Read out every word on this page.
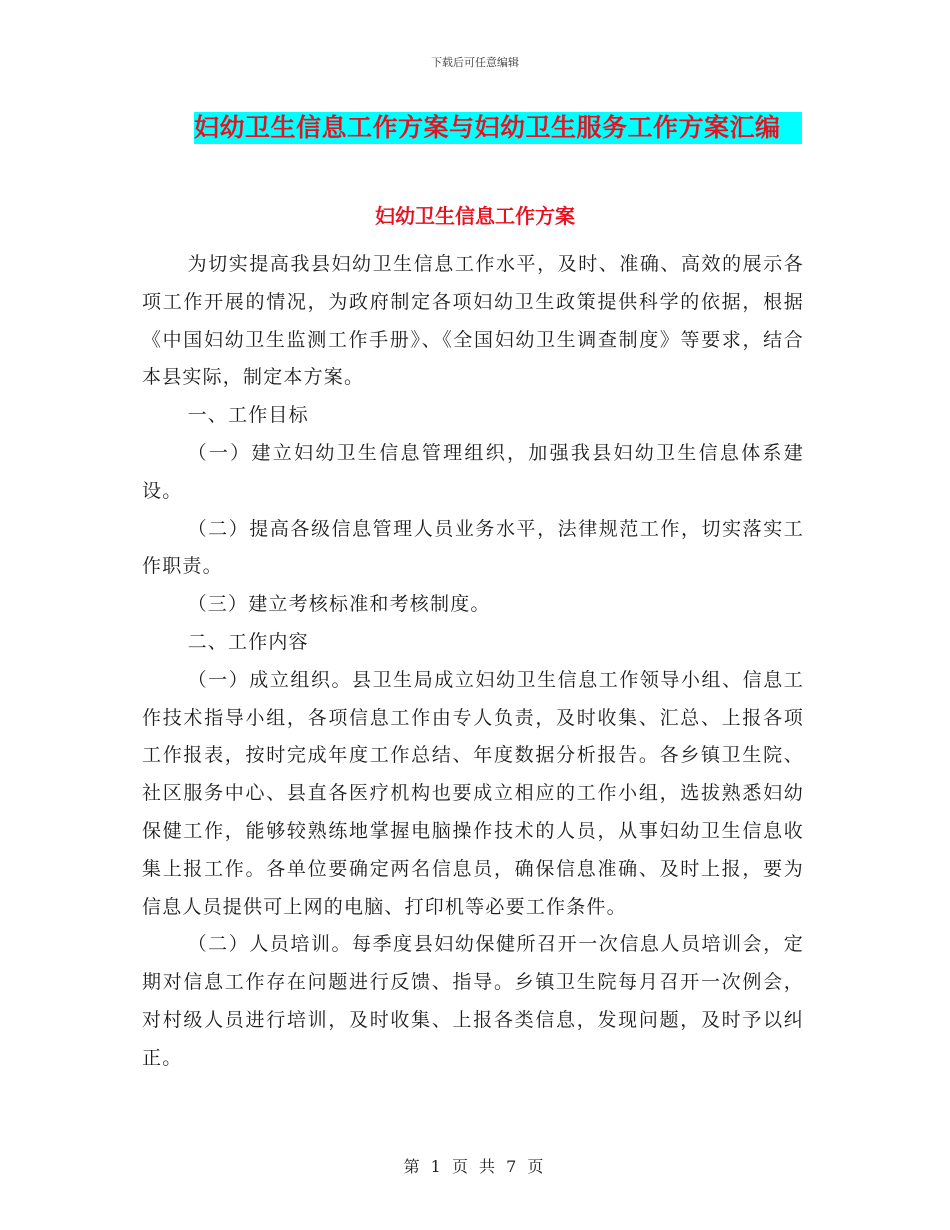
下载后可任意编辑
妇幼卫生信息工作方案与妇幼卫生服务工作方案汇编
妇幼卫生信息工作方案

为切实提高我县妇幼卫生信息工作水平，及时、准确、高效的展示各项工作开展的情况，为政府制定各项妇幼卫生政策提供科学的依据，根据《中国妇幼卫生监测工作手册》、《全国妇幼卫生调查制度》等要求，结合本县实际，制定本方案。

一、工作目标

（一）建立妇幼卫生信息管理组织，加强我县妇幼卫生信息体系建设。

（二）提高各级信息管理人员业务水平，法律规范工作，切实落实工作职责。

（三）建立考核标准和考核制度。

二、工作内容

（一）成立组织。县卫生局成立妇幼卫生信息工作领导小组、信息工作技术指导小组，各项信息工作由专人负责，及时收集、汇总、上报各项工作报表，按时完成年度工作总结、年度数据分析报告。各乡镇卫生院、社区服务中心、县直各医疗机构也要成立相应的工作小组，选拔熟悉妇幼保健工作，能够较熟练地掌握电脑操作技术的人员，从事妇幼卫生信息收集上报工作。各单位要确定两名信息员，确保信息准确、及时上报，要为信息人员提供可上网的电脑、打印机等必要工作条件。

（二）人员培训。每季度县妇幼保健所召开一次信息人员培训会，定期对信息工作存在问题进行反馈、指导。乡镇卫生院每月召开一次例会，对村级人员进行培训，及时收集、上报各类信息，发现问题，及时予以纠正。

第 1 页 共 7 页
